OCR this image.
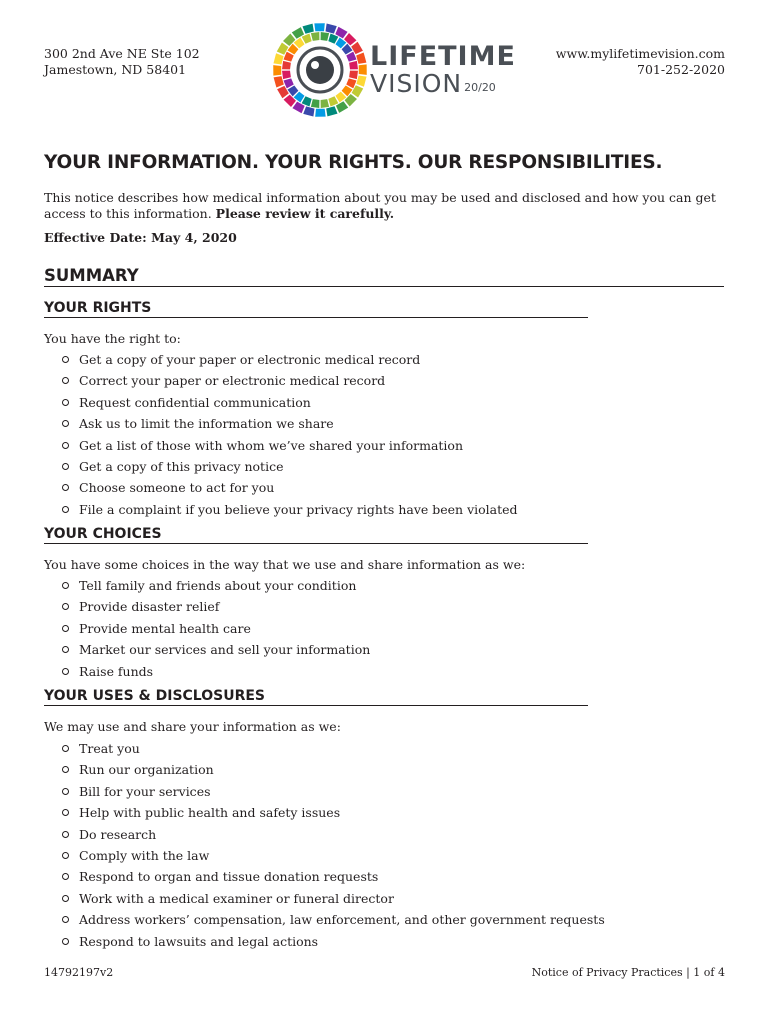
300 2nd Ave NE Ste 102
Jamestown, ND 58401	LIFETIME
VISION $^{20/20}$
www.mylifetimevision.com
701-252-2020
YOUR INFORMATION. YOUR RIGHTS. OUR RESPONSIBILITIES.

This notice describes how medical information about you may be used and disclosed and how you can get access to this information. Please review it carefully.

Effective Date: May 4, 2020

SUMMARY
YOUR RIGHTS

You have the right to:

Get a copy of your paper or electronic medical record
Correct your paper or electronic medical record
Request confidential communication
Ask us to limit the information we share
Get a list of those with whom we’ve shared your information
Get a copy of this privacy notice
Choose someone to act for you
File a complaint if you believe your privacy rights have been violated
YOUR CHOICES

You have some choices in the way that we use and share information as we:

Tell family and friends about your condition
Provide disaster relief
Provide mental health care
Market our services and sell your information
Raise funds
YOUR USES & DISCLOSURES

We may use and share your information as we:

Treat you
Run our organization
Bill for your services
Help with public health and safety issues
Do research
Comply with the law
Respond to organ and tissue donation requests
Work with a medical examiner or funeral director
Address workers’ compensation, law enforcement, and other government requests
Respond to lawsuits and legal actions
14792197v2	Notice of Privacy Practices | 1 of 4
